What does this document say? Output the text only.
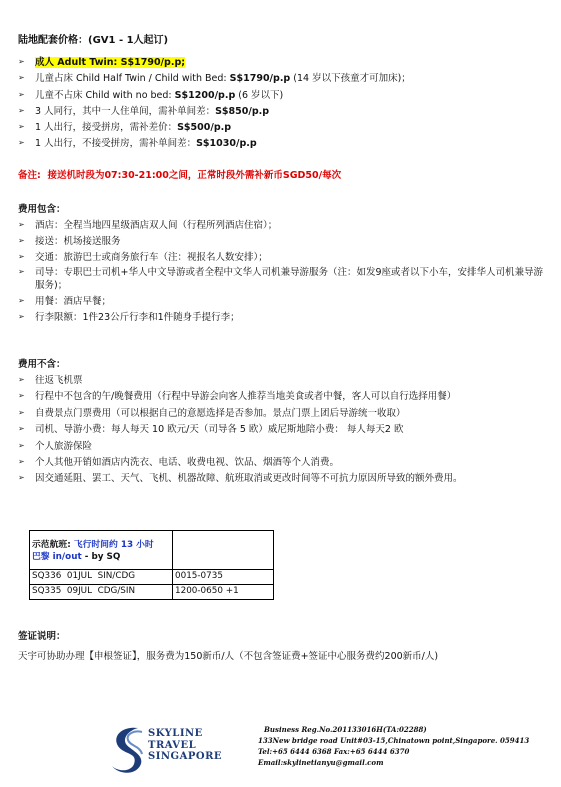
陆地配套价格：(GV1 - 1人起订)
➢ 成人 Adult Twin: S$1790/p.p;
➢ 儿童占床 Child Half Twin / Child with Bed: S$1790/p.p (14 岁以下孩童才可加床)；
➢ 儿童不占床 Child with no bed: S$1200/p.p (6 岁以下)
➢ 3 人同行，其中一人住单间，需补单间差：S$850/p.p
➢ 1 人出行，接受拼房，需补差价：S$500/p.p
➢ 1 人出行，不接受拼房，需补单间差：S$1030/p.p
备注: 接送机时段为07:30-21:00之间，正常时段外需补新币SGD50/每次
费用包含：
➢ 酒店：全程当地四星级酒店双人间（行程所列酒店住宿）；
➢ 接送：机场接送服务
➢ 交通：旅游巴士或商务旅行车（注：视报名人数安排）；
➢ 司导：专职巴士司机+华人中文导游或者全程中文华人司机兼导游服务（注：如发9座或者以下小车，安排华人司机兼导游服务)；
➢ 用餐：酒店早餐；
➢ 行李限额：1件23公斤行李和1件随身手提行李；
费用不含：
➢ 往返飞机票
➢ 行程中不包含的午/晚餐费用（行程中导游会向客人推荐当地美食或者中餐，客人可以自行选择用餐）
➢ 自费景点门票费用（可以根据自己的意愿选择是否参加。景点门票上团后导游统一收取）
➢ 司机、导游小费：每人每天 10 欧元/天（司导各 5 欧）威尼斯地陪小费： 每人每天2 欧
➢ 个人旅游保险
➢ 个人其他开销如酒店内洗衣、电话、收费电视、饮品、烟酒等个人消费。
➢ 因交通延阻、罢工、天气、飞机、机器故障、航班取消或更改时间等不可抗力原因所导致的额外费用。
示范航班: 飞行时间约 13 小时
巴黎 in/out - by SQ	

SQ336  01JUL  SIN/CDG	0015-0735
SQ335  09JUL  CDG/SIN	1200-0650 +1
签证说明：
天宇可协助办理【申根签证】，服务费为150新币/人（不包含签证费+签证中心服务费约200新币/人)
SKYLINE
TRAVEL
SINGAPORE
Business Reg.No.201133016H(TA:02288)
133New bridge road Unit#03-15,Chinatown point,Singapore. 059413
Tel:+65 6444 6368 Fax:+65 6444 6370
Email:skylinetianyu@gmail.com
